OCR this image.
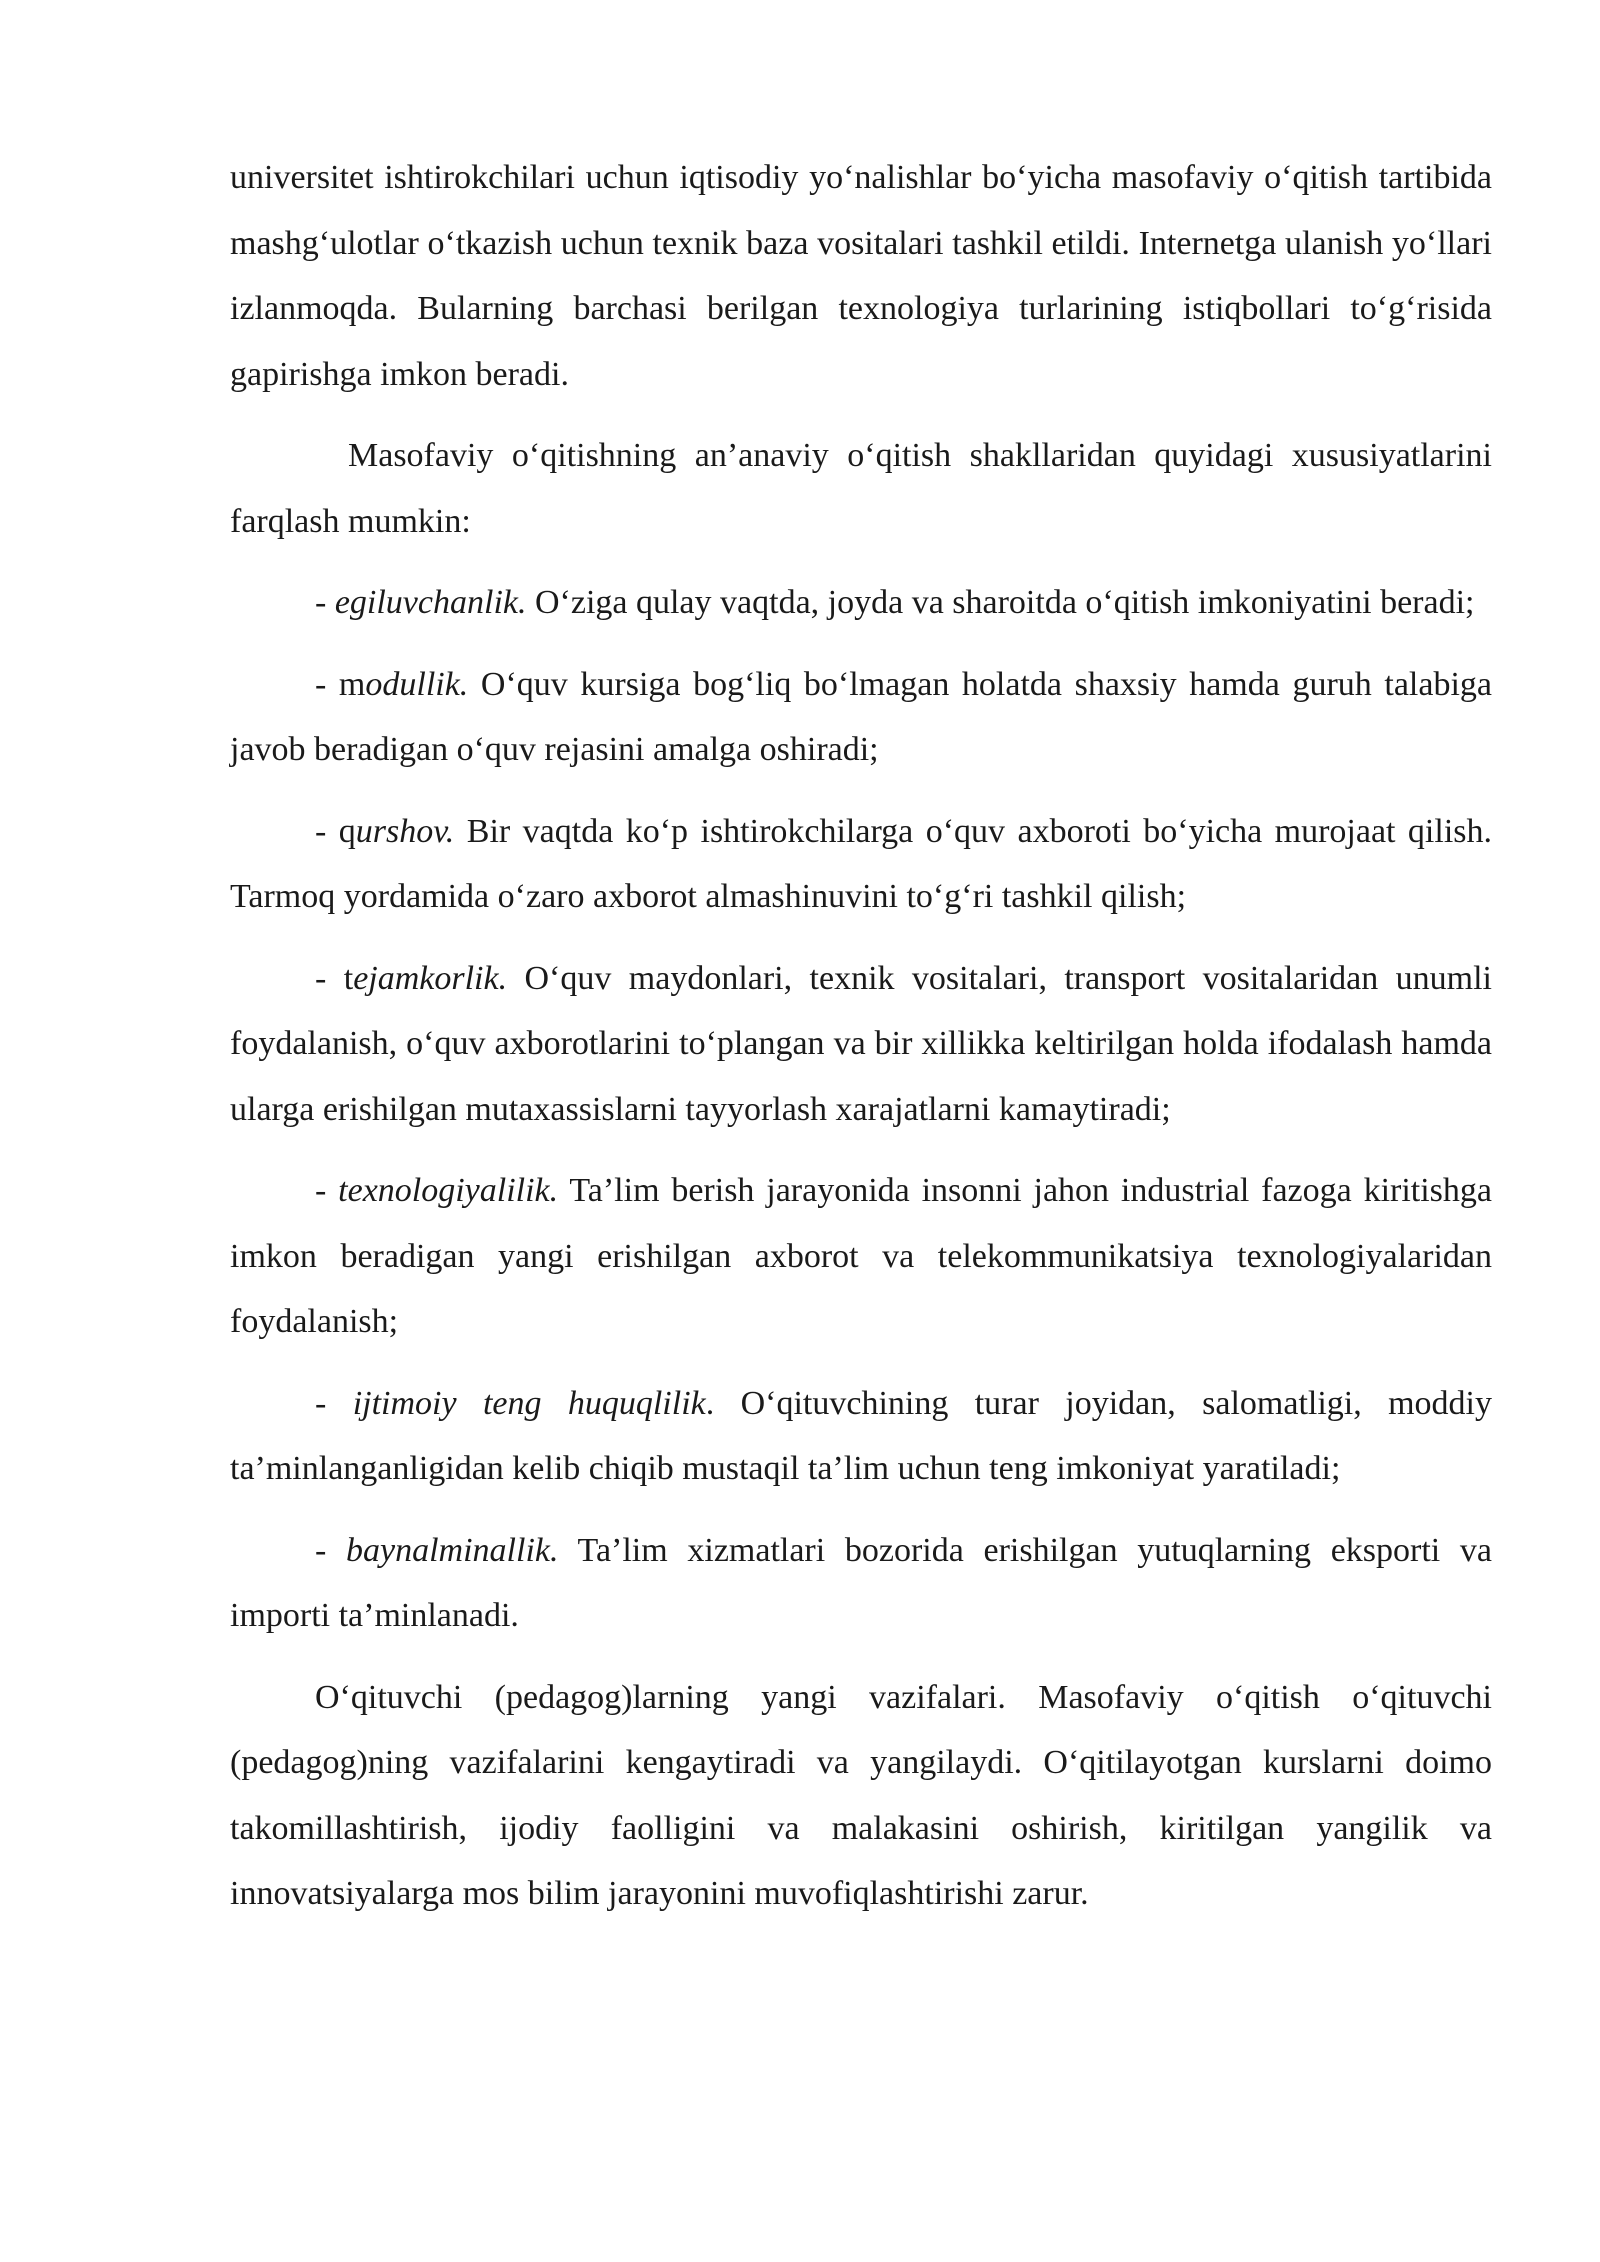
universitet ishtirokchilari uchun iqtisodiy yo‘nalishlar bo‘yicha masofaviy o‘qitish tartibida mashg‘ulotlar o‘tkazish uchun texnik baza vositalari tashkil etildi. Internetga ulanish yo‘llari izlanmoqda. Bularning barchasi berilgan texnologiya turlarining istiqbollari to‘g‘risida gapirishga imkon beradi.

Masofaviy o‘qitishning an’anaviy o‘qitish shakllaridan quyidagi xususiyatlarini farqlash mumkin:

- egiluvchanlik. O‘ziga qulay vaqtda, joyda va sharoitda o‘qitish imkoniyatini beradi;

- modullik. O‘quv kursiga bog‘liq bo‘lmagan holatda shaxsiy hamda guruh talabiga javob beradigan o‘quv rejasini amalga oshiradi;

- qurshov. Bir vaqtda ko‘p ishtirokchilarga o‘quv axboroti bo‘yicha murojaat qilish. Tarmoq yordamida o‘zaro axborot almashinuvini to‘g‘ri tashkil qilish;

- tejamkorlik. O‘quv maydonlari, texnik vositalari, transport vositalaridan unumli foydalanish, o‘quv axborotlarini to‘plangan va bir xillikka keltirilgan holda ifodalash hamda ularga erishilgan mutaxassislarni tayyorlash xarajatlarni kamaytiradi;

- texnologiyalilik. Ta’lim berish jarayonida insonni jahon industrial fazoga kiritishga imkon beradigan yangi erishilgan axborot va telekommunikatsiya texnologiyalaridan foydalanish;

- ijtimoiy teng huquqlilik. O‘qituvchining turar joyidan, salomatligi, moddiy ta’minlanganligidan kelib chiqib mustaqil ta’lim uchun teng imkoniyat yaratiladi;

- baynalminallik. Ta’lim xizmatlari bozorida erishilgan yutuqlarning eksporti va importi ta’minlanadi.

O‘qituvchi (pedagog)larning yangi vazifalari. Masofaviy o‘qitish o‘qituvchi (pedagog)ning vazifalarini kengaytiradi va yangilaydi. O‘qitilayotgan kurslarni doimo takomillashtirish, ijodiy faolligini va malakasini oshirish, kiritilgan yangilik va innovatsiyalarga mos bilim jarayonini muvofiqlashtirishi zarur.
